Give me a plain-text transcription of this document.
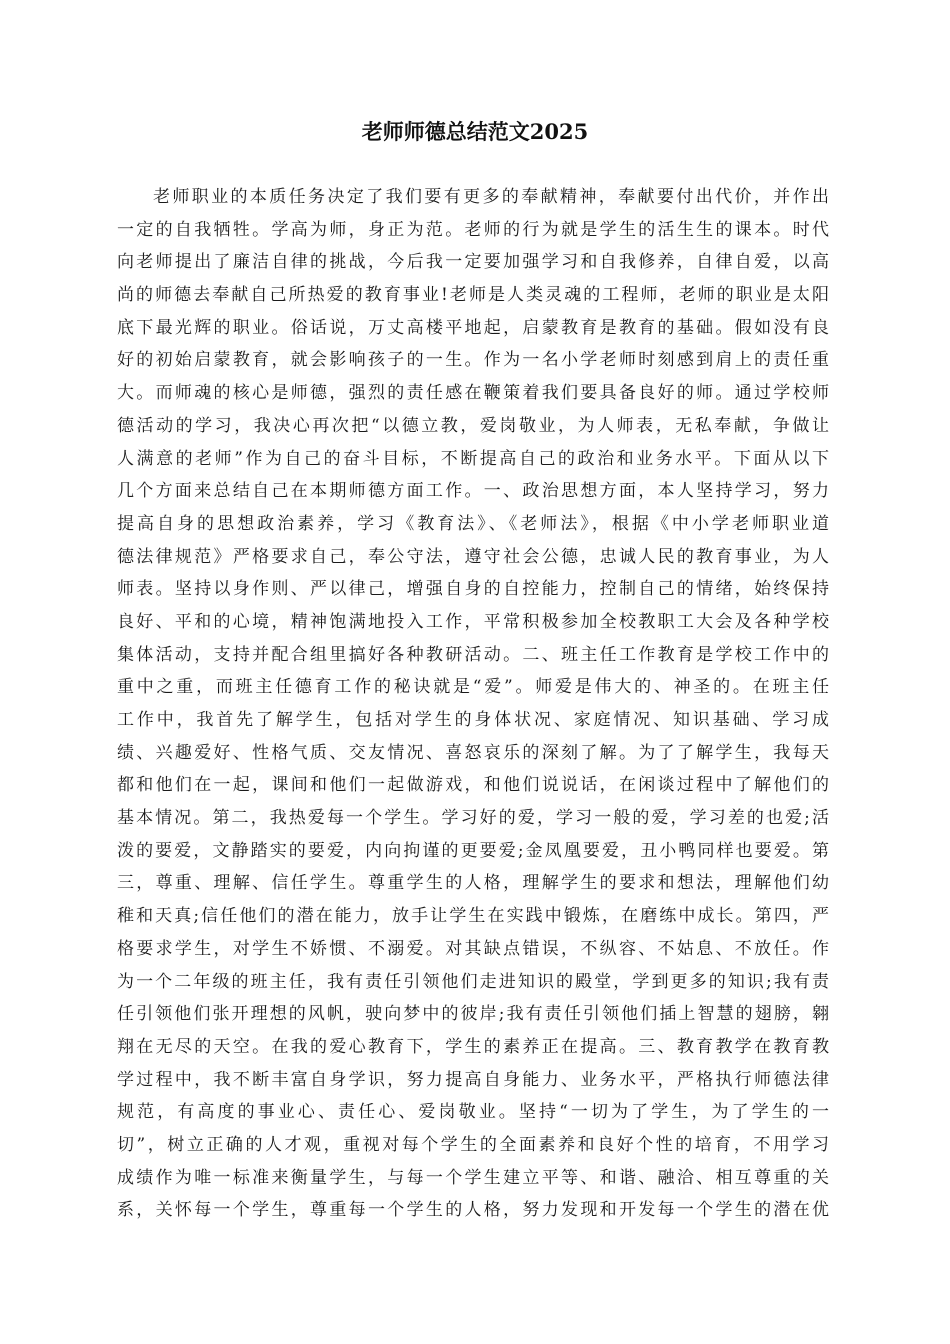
老师师德总结范文2025
老师职业的本质任务决定了我们要有更多的奉献精神，奉献要付出代价，并作出
一定的自我牺牲。学高为师，身正为范。老师的行为就是学生的活生生的课本。时代
向老师提出了廉洁自律的挑战，今后我一定要加强学习和自我修养，自律自爱，以高
尚的师德去奉献自己所热爱的教育事业!老师是人类灵魂的工程师，老师的职业是太阳
底下最光辉的职业。俗话说，万丈高楼平地起，启蒙教育是教育的基础。假如没有良
好的初始启蒙教育，就会影响孩子的一生。作为一名小学老师时刻感到肩上的责任重
大。而师魂的核心是师德，强烈的责任感在鞭策着我们要具备良好的师。通过学校师
德活动的学习，我决心再次把“以德立教，爱岗敬业，为人师表，无私奉献，争做让
人满意的老师”作为自己的奋斗目标，不断提高自己的政治和业务水平。下面从以下
几个方面来总结自己在本期师德方面工作。一、政治思想方面，本人坚持学习，努力
提高自身的思想政治素养，学习《教育法》、《老师法》，根据《中小学老师职业道
德法律规范》严格要求自己，奉公守法，遵守社会公德，忠诚人民的教育事业，为人
师表。坚持以身作则、严以律己，增强自身的自控能力，控制自己的情绪，始终保持
良好、平和的心境，精神饱满地投入工作，平常积极参加全校教职工大会及各种学校
集体活动，支持并配合组里搞好各种教研活动。二、班主任工作教育是学校工作中的
重中之重，而班主任德育工作的秘诀就是“爱”。师爱是伟大的、神圣的。在班主任
工作中，我首先了解学生，包括对学生的身体状况、家庭情况、知识基础、学习成
绩、兴趣爱好、性格气质、交友情况、喜怒哀乐的深刻了解。为了了解学生，我每天
都和他们在一起，课间和他们一起做游戏，和他们说说话，在闲谈过程中了解他们的
基本情况。第二，我热爱每一个学生。学习好的爱，学习一般的爱，学习差的也爱;活
泼的要爱，文静踏实的要爱，内向拘谨的更要爱;金凤凰要爱，丑小鸭同样也要爱。第
三，尊重、理解、信任学生。尊重学生的人格，理解学生的要求和想法，理解他们幼
稚和天真;信任他们的潜在能力，放手让学生在实践中锻炼，在磨练中成长。第四，严
格要求学生，对学生不娇惯、不溺爱。对其缺点错误，不纵容、不姑息、不放任。作
为一个二年级的班主任，我有责任引领他们走进知识的殿堂，学到更多的知识;我有责
任引领他们张开理想的风帆，驶向梦中的彼岸;我有责任引领他们插上智慧的翅膀，翱
翔在无尽的天空。在我的爱心教育下，学生的素养正在提高。三、教育教学在教育教
学过程中，我不断丰富自身学识，努力提高自身能力、业务水平，严格执行师德法律
规范，有高度的事业心、责任心、爱岗敬业。坚持“一切为了学生，为了学生的一
切”，树立正确的人才观，重视对每个学生的全面素养和良好个性的培育，不用学习
成绩作为唯一标准来衡量学生，与每一个学生建立平等、和谐、融洽、相互尊重的关
系，关怀每一个学生，尊重每一个学生的人格，努力发现和开发每一个学生的潜在优
